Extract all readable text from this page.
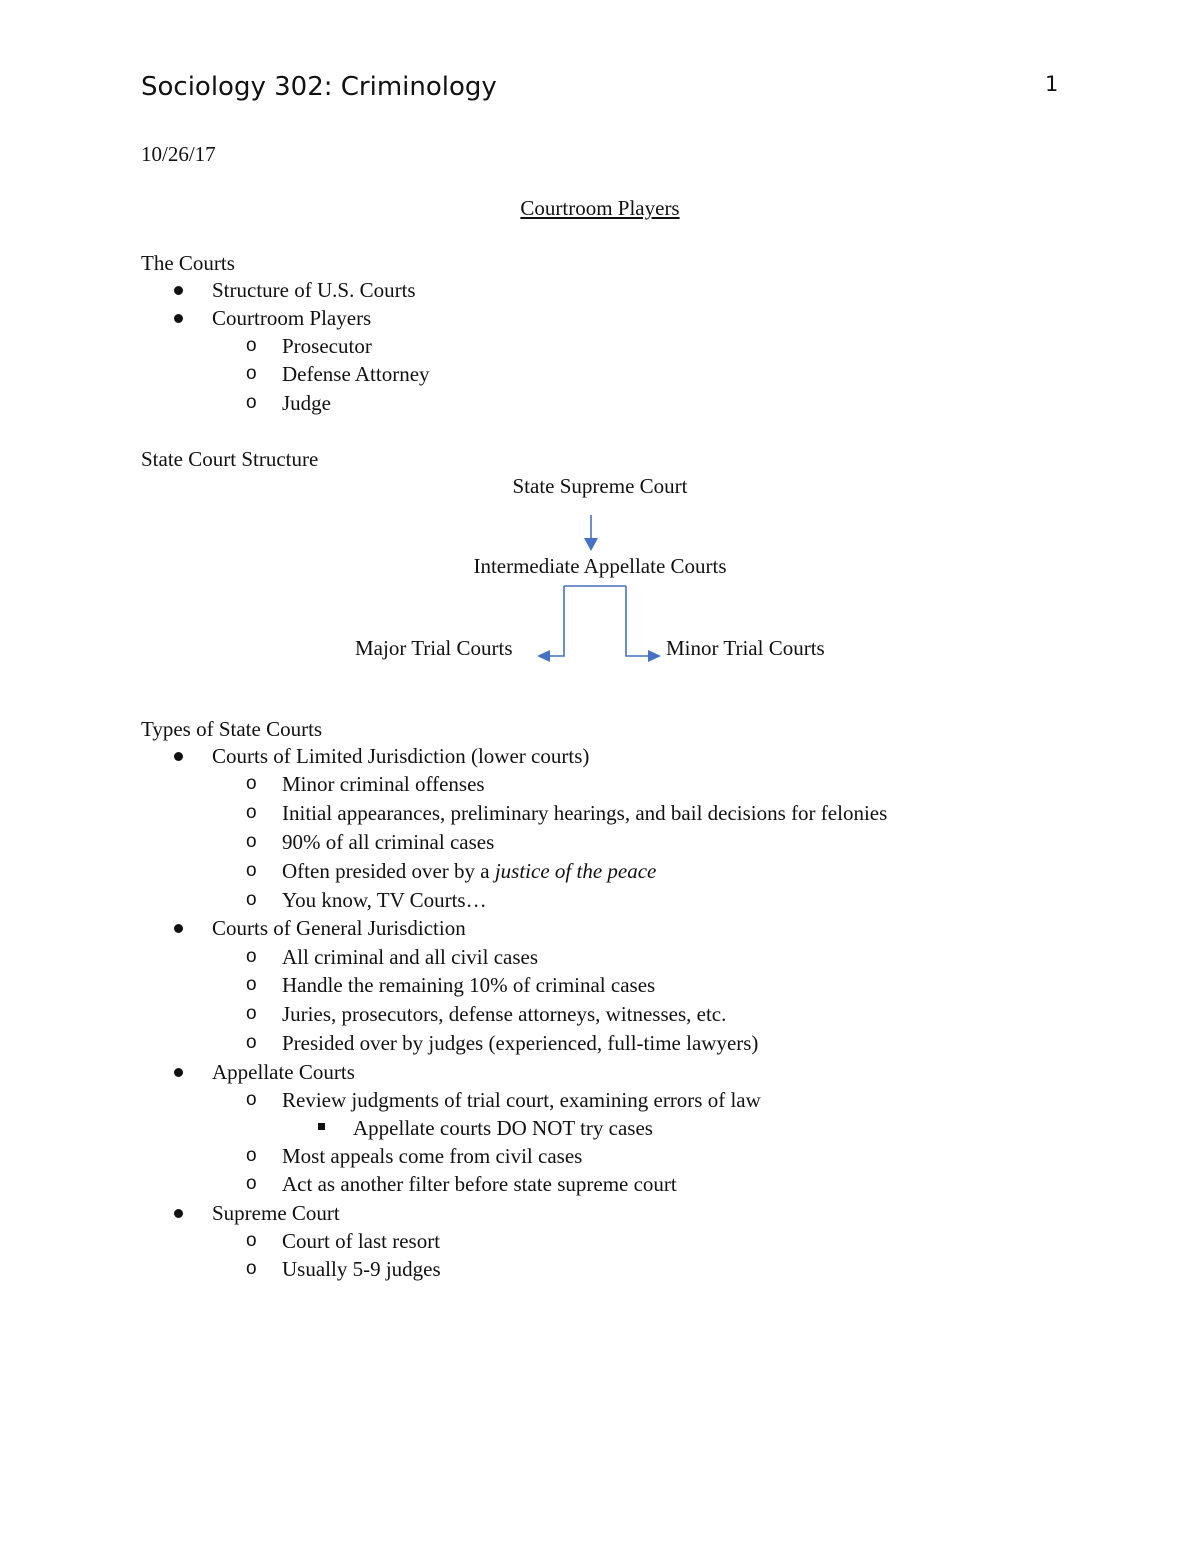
Sociology 302: Criminology	1
10/26/17
Courtroom Players
The Courts
Structure of U.S. Courts
Courtroom Players
o Prosecutor
o Defense Attorney
o Judge
State Court Structure
State Supreme Court
Intermediate Appellate Courts
Major Trial Courts	Minor Trial Courts
Types of State Courts
Courts of Limited Jurisdiction (lower courts)
o Minor criminal offenses
o Initial appearances, preliminary hearings, and bail decisions for felonies
o 90% of all criminal cases
o Often presided over by a justice of the peace
o You know, TV Courts…
Courts of General Jurisdiction
o All criminal and all civil cases
o Handle the remaining 10% of criminal cases
o Juries, prosecutors, defense attorneys, witnesses, etc.
o Presided over by judges (experienced, full-time lawyers)
Appellate Courts
o Review judgments of trial court, examining errors of law
Appellate courts DO NOT try cases
o Most appeals come from civil cases
o Act as another filter before state supreme court
Supreme Court
o Court of last resort
o Usually 5-9 judges
